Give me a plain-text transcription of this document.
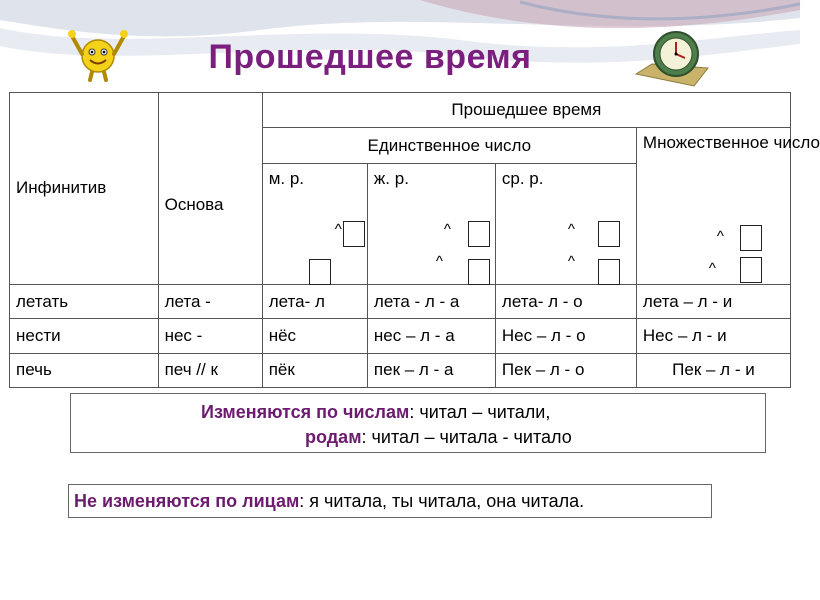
Прошедшее время
Инфинитив	Основа	Прошедшее время			
		Единственное число			Множественное число
^
^

		м. р.
^	ж. р.
^
^	ср. р.
^
^	

летать	лета -	лета- л	лета - л - а	лета- л - о	лета – л - и
нести	нес -	нёс	нес – л - а	Нес – л - о	Нес – л - и
печь	печ // к	пёк	пек – л - а	Пек – л - о	Пек – л - и
Изменяются по числам: читал – читали,
родам: читал – читала - читало
Не изменяются по лицам: я читала, ты читала, она читала.
